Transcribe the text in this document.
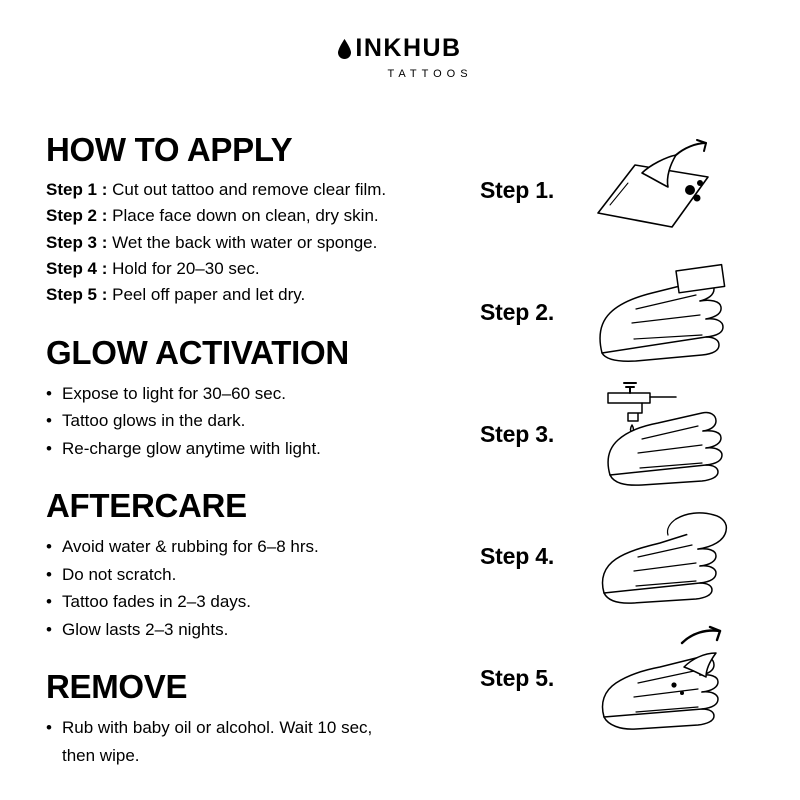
INKHUB
TATTOOS
HOW TO APPLY

Step 1 : Cut out tattoo and remove clear film.

Step 2 : Place face down on clean, dry skin.

Step 3 : Wet the back with water or sponge.

Step 4 : Hold for 20–30 sec.

Step 5 : Peel off paper and let dry.

GLOW ACTIVATION
• Expose to light for 30–60 sec.
• Tattoo glows in the dark.
• Re-charge glow anytime with light.
AFTERCARE
• Avoid water & rubbing for 6–8 hrs.
• Do not scratch.
• Tattoo fades in 2–3 days.
• Glow lasts 2–3 nights.
REMOVE
• Rub with baby oil or alcohol. Wait 10 sec, then wipe.
Step 1.
Step 2.
Step 3.
Step 4.
Step 5.
